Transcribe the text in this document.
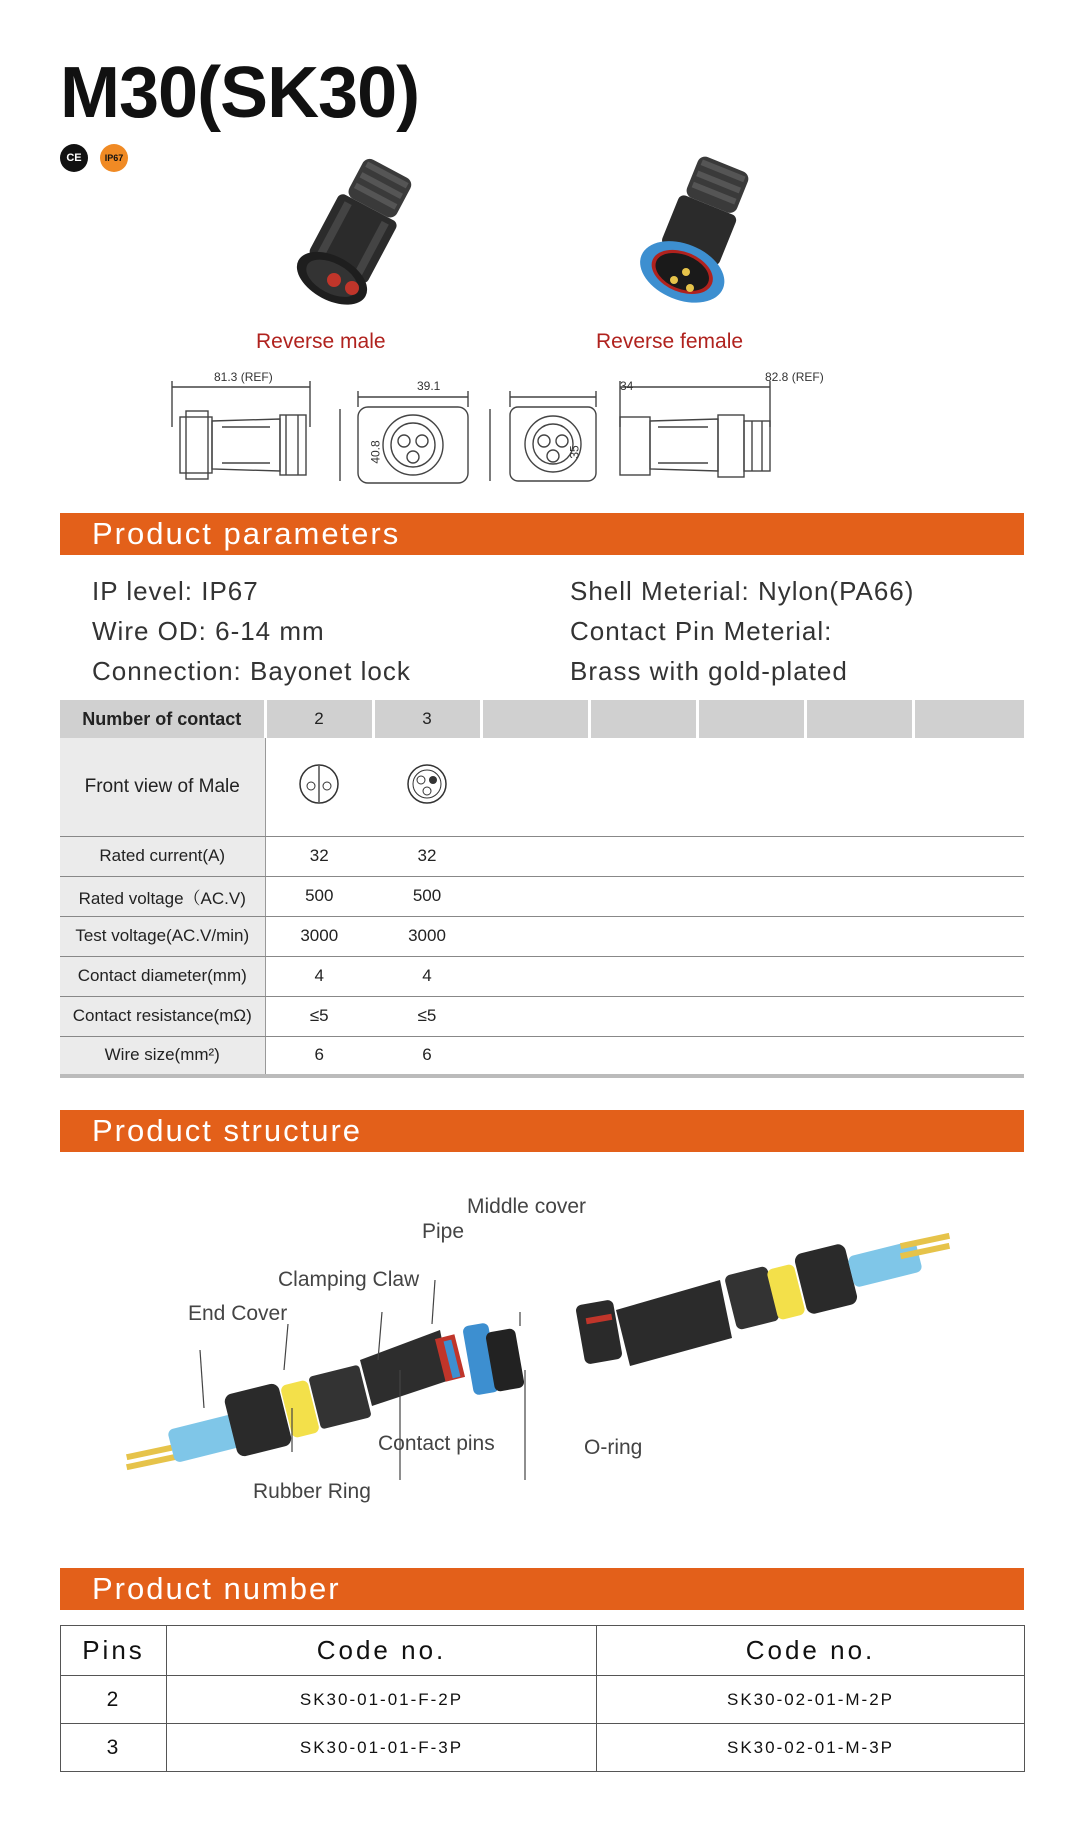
M30(SK30)
CE	IP67
Reverse male	Reverse female
81.3 (REF)
39.1
40.8
34
35
82.8 (REF)
Product parameters
IP level: IP67
Wire OD: 6-14 mm
Connection: Bayonet lock
Shell Meterial: Nylon(PA66)
Contact Pin Meterial:
Brass with gold-plated
Number of contact	2	3					
Front view of Male							
Rated current(A)	32	32					
Rated voltage（AC.V)	500	500					
Test voltage(AC.V/min)	3000	3000					
Contact diameter(mm)	4	4					
Contact resistance(mΩ)	≤5	≤5					
Wire size(mm²)	6	6					
Product structure
Middle cover
Pipe
Clamping Claw
End Cover
Contact pins	O-ring
Rubber Ring
Product number
Pins	Code no.	Code no.
2	SK30-01-01-F-2P	SK30-02-01-M-2P
3	SK30-01-01-F-3P	SK30-02-01-M-3P
